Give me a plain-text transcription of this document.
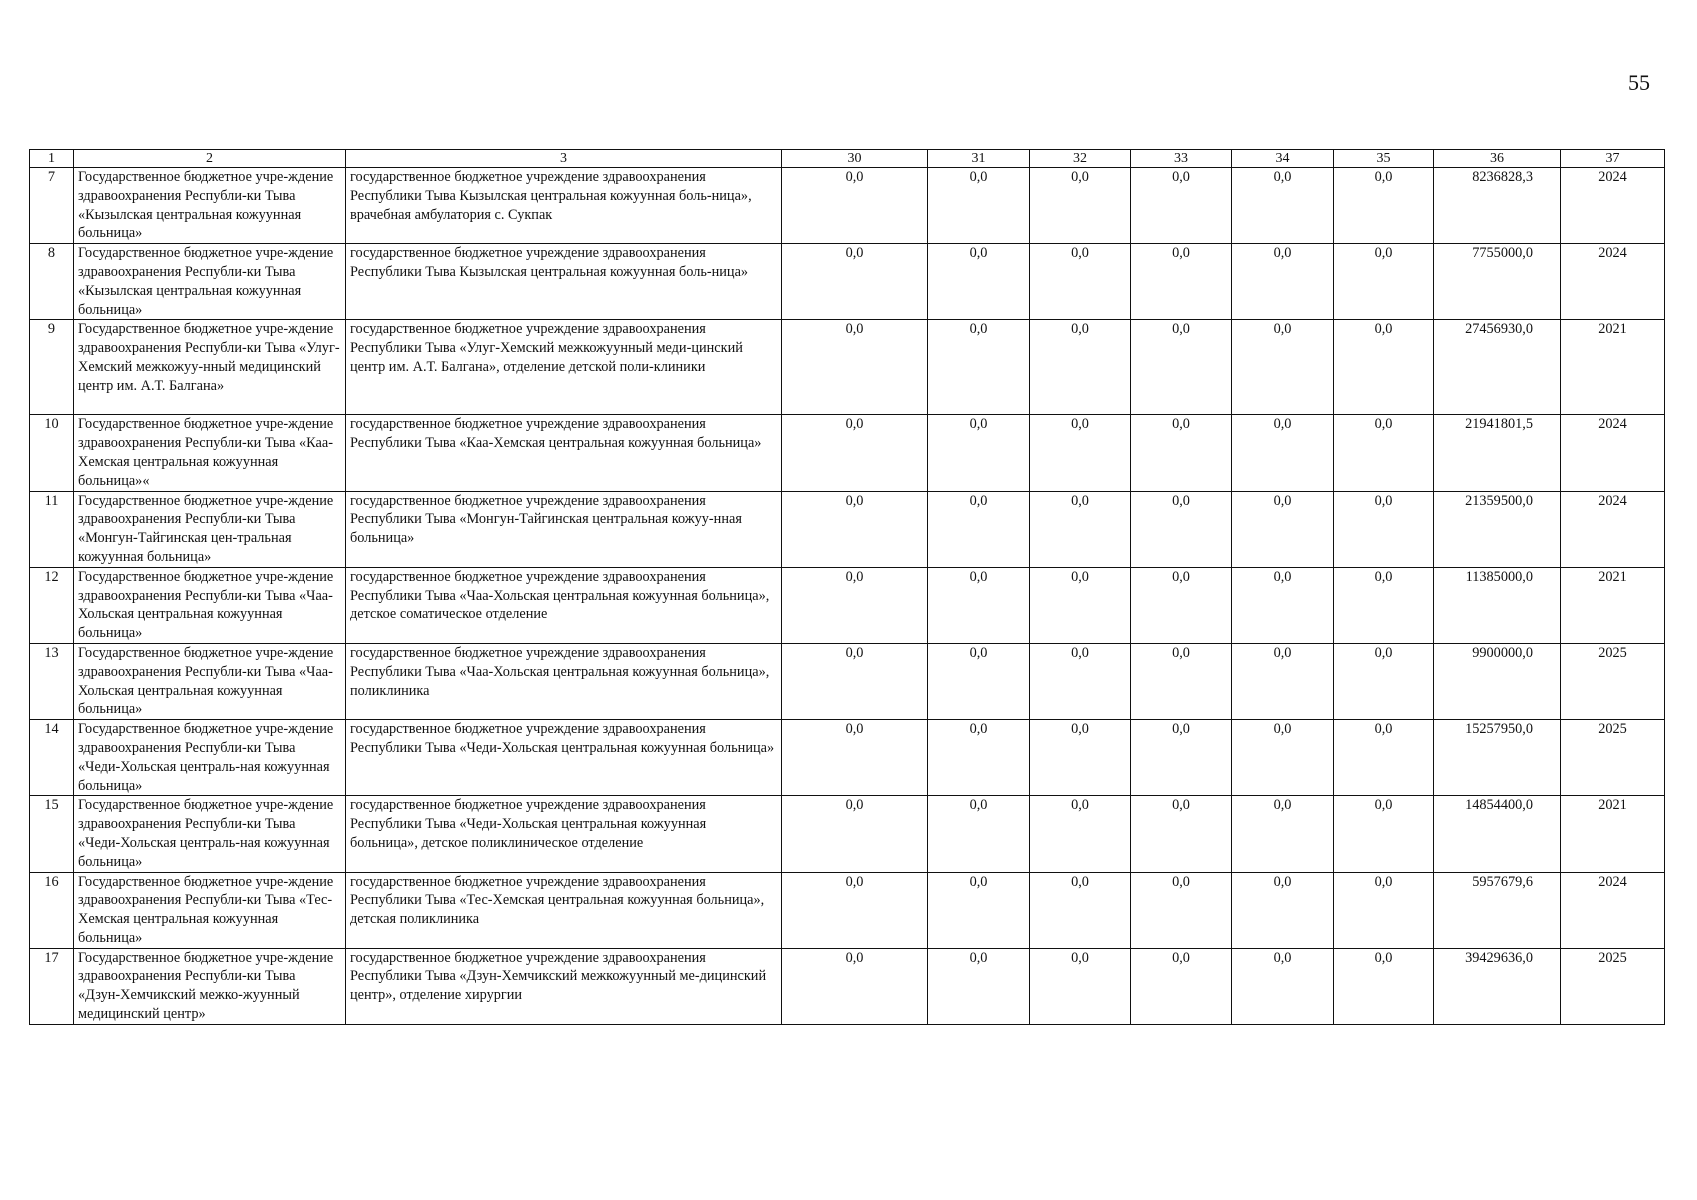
55
1	2	3	30	31	32	33	34	35	36	37
7	Государственное бюджетное учре-ждение здравоохранения Республи-ки Тыва «Кызылская центральная кожуунная больница»	государственное бюджетное учреждение здравоохранения Республики Тыва Кызылская центральная кожуунная боль-ница», врачебная амбулатория с. Сукпак	0,0	0,0	0,0	0,0	0,0	0,0	8236828,3	2024
8	Государственное бюджетное учре-ждение здравоохранения Республи-ки Тыва «Кызылская центральная кожуунная больница»	государственное бюджетное учреждение здравоохранения Республики Тыва Кызылская центральная кожуунная боль-ница»	0,0	0,0	0,0	0,0	0,0	0,0	7755000,0	2024
9	Государственное бюджетное учре-ждение здравоохранения Республи-ки Тыва «Улуг-Хемский межкожуу-нный медицинский центр им. А.Т. Балгана»	государственное бюджетное учреждение здравоохранения Республики Тыва «Улуг-Хемский межкожуунный меди-цинский центр им. А.Т. Балгана», отделение детской поли-клиники	0,0	0,0	0,0	0,0	0,0	0,0	27456930,0	2021
10	Государственное бюджетное учре-ждение здравоохранения Республи-ки Тыва «Каа-Хемская центральная кожуунная больница»«	государственное бюджетное учреждение здравоохранения Республики Тыва «Каа-Хемская центральная кожуунная больница»	0,0	0,0	0,0	0,0	0,0	0,0	21941801,5	2024
11	Государственное бюджетное учре-ждение здравоохранения Республи-ки Тыва «Монгун-Тайгинская цен-тральная кожуунная больница»	государственное бюджетное учреждение здравоохранения Республики Тыва «Монгун-Тайгинская центральная кожуу-нная больница»	0,0	0,0	0,0	0,0	0,0	0,0	21359500,0	2024
12	Государственное бюджетное учре-ждение здравоохранения Республи-ки Тыва «Чаа-Хольская центральная кожуунная больница»	государственное бюджетное учреждение здравоохранения Республики Тыва «Чаа-Хольская центральная кожуунная больница», детское соматическое отделение	0,0	0,0	0,0	0,0	0,0	0,0	11385000,0	2021
13	Государственное бюджетное учре-ждение здравоохранения Республи-ки Тыва «Чаа-Хольская центральная кожуунная больница»	государственное бюджетное учреждение здравоохранения Республики Тыва «Чаа-Хольская центральная кожуунная больница», поликлиника	0,0	0,0	0,0	0,0	0,0	0,0	9900000,0	2025
14	Государственное бюджетное учре-ждение здравоохранения Республи-ки Тыва «Чеди-Хольская централь-ная кожуунная больница»	государственное бюджетное учреждение здравоохранения Республики Тыва «Чеди-Хольская центральная кожуунная больница»	0,0	0,0	0,0	0,0	0,0	0,0	15257950,0	2025
15	Государственное бюджетное учре-ждение здравоохранения Республи-ки Тыва «Чеди-Хольская централь-ная кожуунная больница»	государственное бюджетное учреждение здравоохранения Республики Тыва «Чеди-Хольская центральная кожуунная больница», детское поликлиническое отделение	0,0	0,0	0,0	0,0	0,0	0,0	14854400,0	2021
16	Государственное бюджетное учре-ждение здравоохранения Республи-ки Тыва «Тес-Хемская центральная кожуунная больница»	государственное бюджетное учреждение здравоохранения Республики Тыва «Тес-Хемская центральная кожуунная больница», детская поликлиника	0,0	0,0	0,0	0,0	0,0	0,0	5957679,6	2024
17	Государственное бюджетное учре-ждение здравоохранения Республи-ки Тыва «Дзун-Хемчикский межко-жуунный медицинский центр»	государственное бюджетное учреждение здравоохранения Республики Тыва «Дзун-Хемчикский межкожуунный ме-дицинский центр», отделение хирургии	0,0	0,0	0,0	0,0	0,0	0,0	39429636,0	2025
